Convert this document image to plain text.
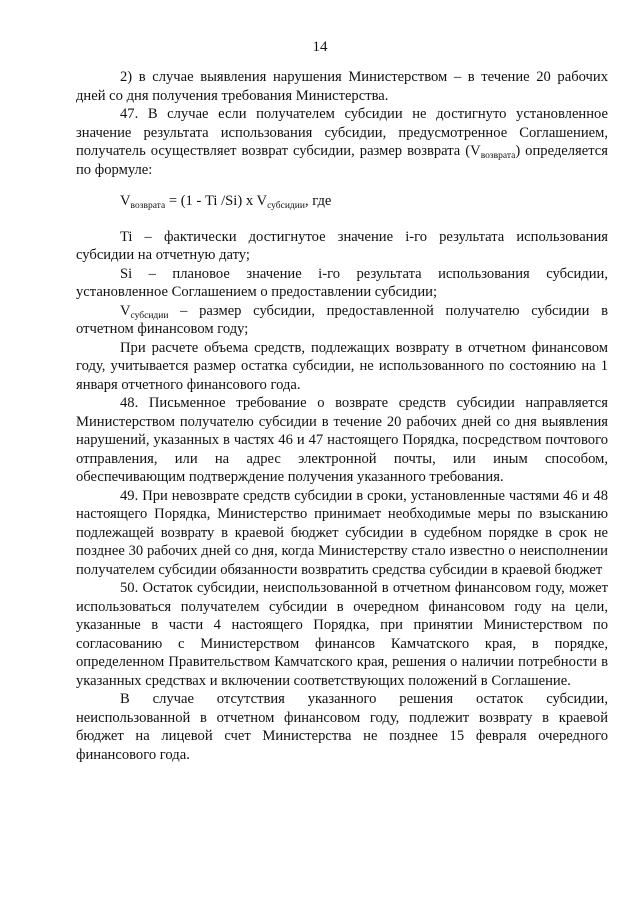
14

2) в случае выявления нарушения Министерством – в течение 20 рабочих дней со дня получения требования Министерства.

47. В случае если получателем субсидии не достигнуто установленное значение результата использования субсидии, предусмотренное Соглашением, получатель осуществляет возврат субсидии, размер возврата $(V_{возврата})$ определяется по формуле:

$V_{возврата} = (1 - Ti$ /Si) x $V_{субсидии}$, где

Ti – фактически достигнутое значение i-го результата использования субсидии на отчетную дату;

Si – плановое значение i-го результата использования субсидии, установленное Соглашением о предоставлении субсидии;

$V_{субсидии}$ – размер субсидии, предоставленной получателю субсидии в отчетном финансовом году;

При расчете объема средств, подлежащих возврату в отчетном финансовом году, учитывается размер остатка субсидии, не использованного по состоянию на 1 января отчетного финансового года.

48. Письменное требование о возврате средств субсидии направляется Министерством получателю субсидии в течение 20 рабочих дней со дня выявления нарушений, указанных в частях 46 и 47 настоящего Порядка, посредством почтового отправления, или на адрес электронной почты, или иным способом, обеспечивающим подтверждение получения указанного требования.

49. При невозврате средств субсидии в сроки, установленные частями 46 и 48 настоящего Порядка, Министерство принимает необходимые меры по взысканию подлежащей возврату в краевой бюджет субсидии в судебном порядке в срок не позднее 30 рабочих дней со дня, когда Министерству стало известно о неисполнении получателем субсидии обязанности возвратить средства субсидии в краевой бюджет

50. Остаток субсидии, неиспользованной в отчетном финансовом году, может использоваться получателем субсидии в очередном финансовом году на цели, указанные в части 4 настоящего Порядка, при принятии Министерством по согласованию с Министерством финансов Камчатского края, в порядке, определенном Правительством Камчатского края, решения о наличии потребности в указанных средствах и включении соответствующих положений в Соглашение.

В случае отсутствия указанного решения остаток субсидии, неиспользованной в отчетном финансовом году, подлежит возврату в краевой бюджет на лицевой счет Министерства не позднее 15 февраля очередного финансового года.
